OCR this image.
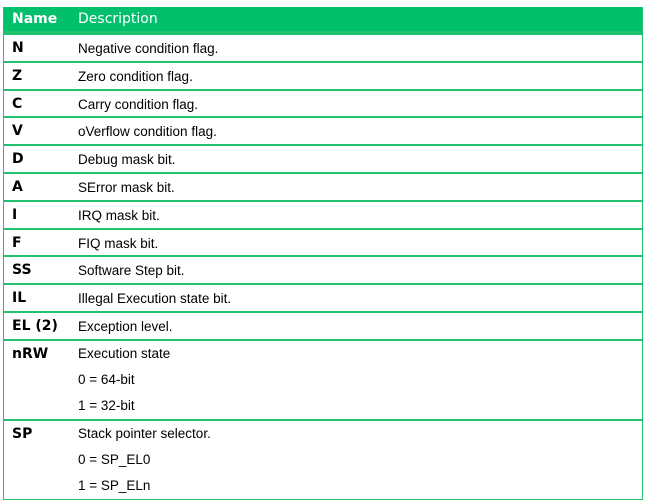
Name	Description
N	Negative condition flag.
Z	Zero condition flag.
C	Carry condition flag.
V	oVerflow condition flag.
D	Debug mask bit.
A	SError mask bit.
I	IRQ mask bit.
F	FIQ mask bit.
SS	Software Step bit.
IL	Illegal Execution state bit.
EL (2)	Exception level.
nRW	Execution state
0 = 64-bit
1 = 32-bit
SP	Stack pointer selector.
0 = SP_EL0
1 = SP_ELn
